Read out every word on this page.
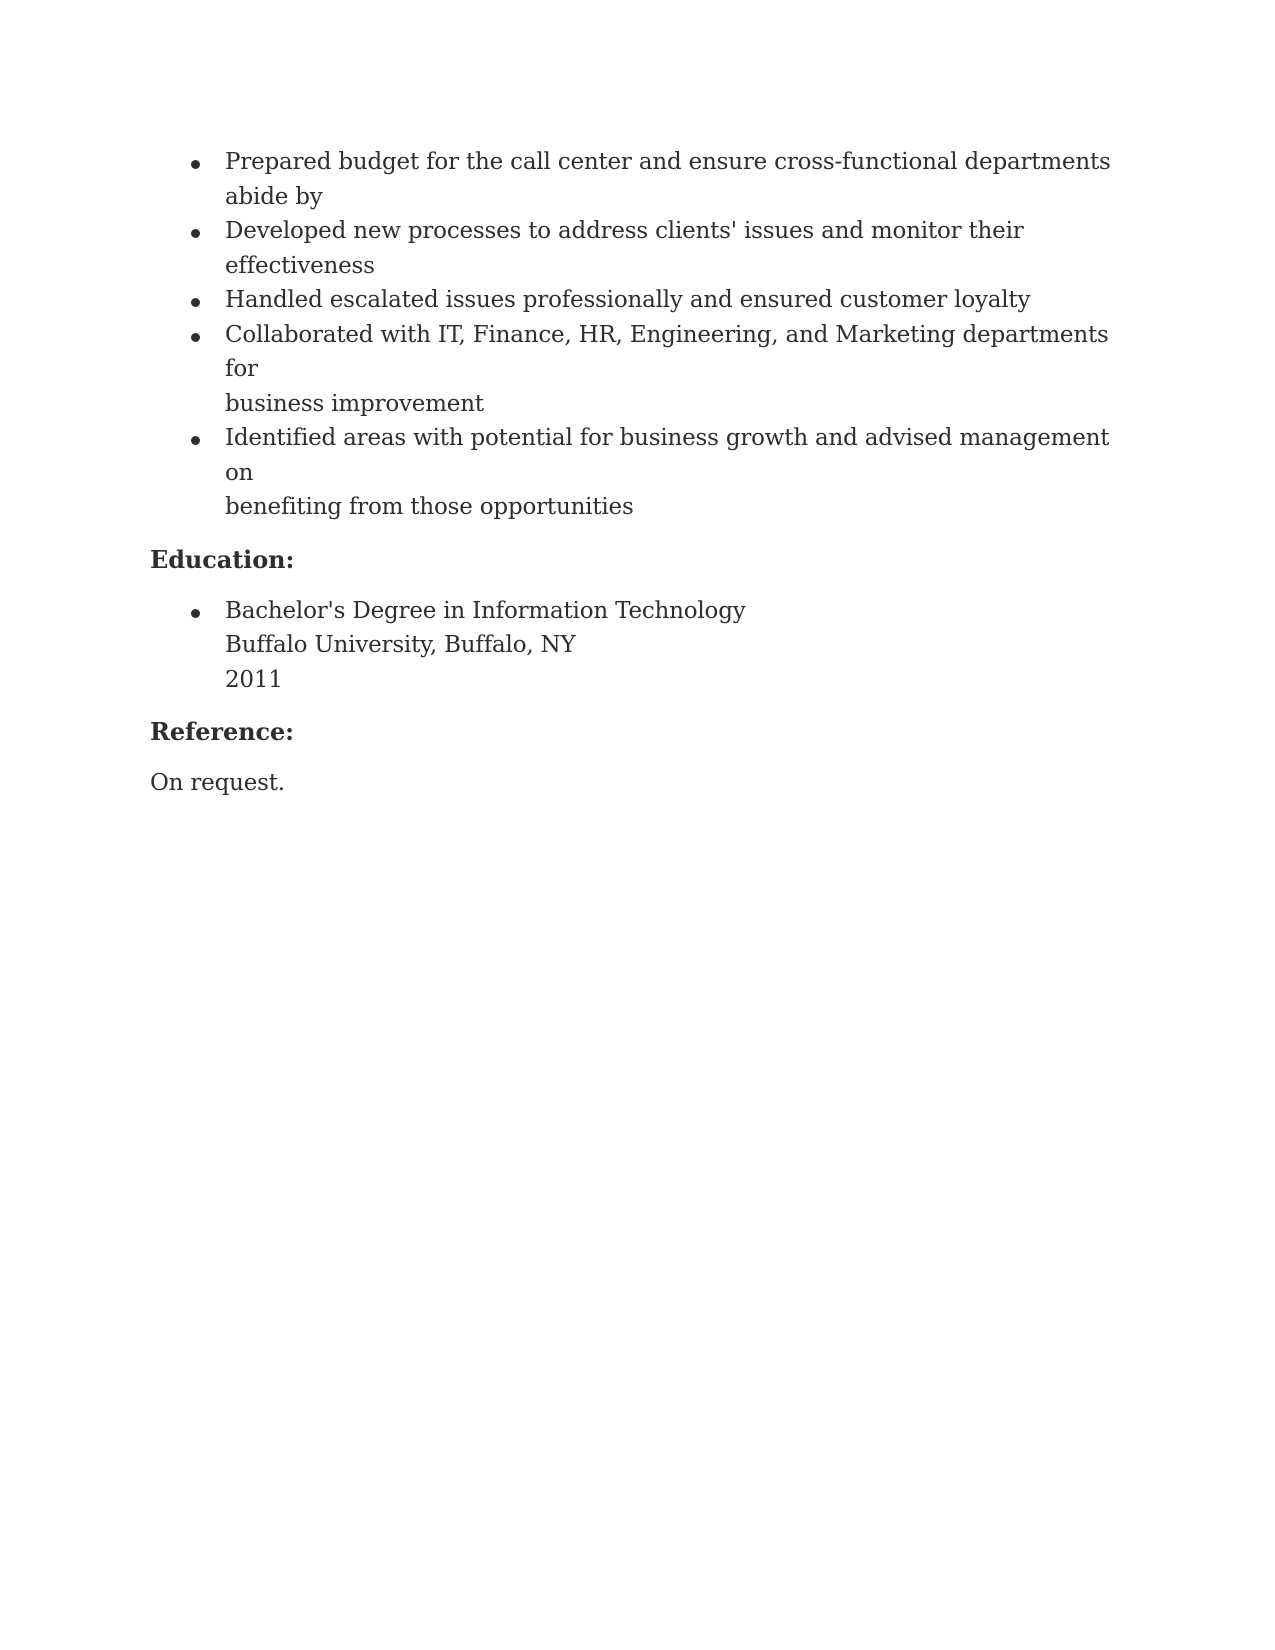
Prepared budget for the call center and ensure cross-functional departments
abide by
Developed new processes to address clients' issues and monitor their
effectiveness
Handled escalated issues professionally and ensured customer loyalty
Collaborated with IT, Finance, HR, Engineering, and Marketing departments for
business improvement
Identified areas with potential for business growth and advised management on
benefiting from those opportunities
Education:
Bachelor's Degree in Information Technology
Buffalo University, Buffalo, NY
2011
Reference:

On request.
